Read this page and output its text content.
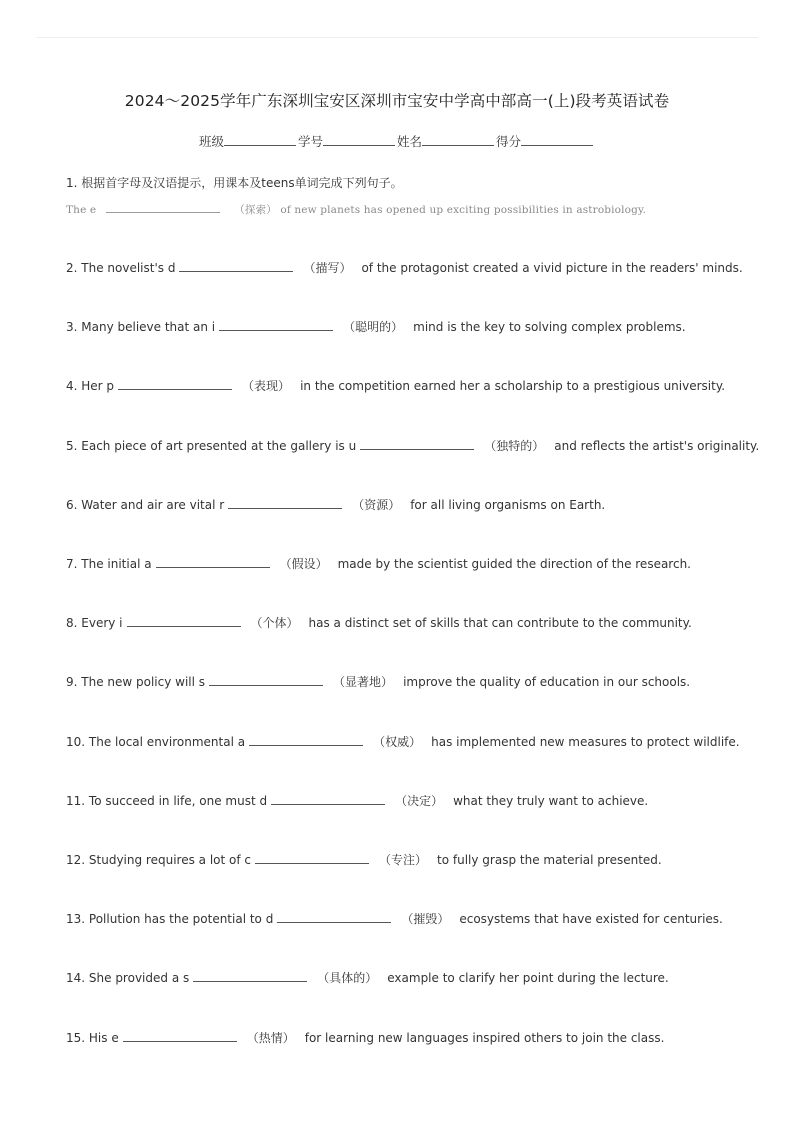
2024～2025学年广东深圳宝安区深圳市宝安中学高中部高一(上)段考英语试卷
班级	学号	姓名	得分
1. 根据首字母及汉语提示，用课本及teens单词完成下列句子。
The e	（探索） of new planets has opened up exciting possibilities in astrobiology.
2. The novelist's d	（描写） of the protagonist created a vivid picture in the readers' minds.
3. Many believe that an i	（聪明的） mind is the key to solving complex problems.
4. Her p	（表现） in the competition earned her a scholarship to a prestigious university.
5. Each piece of art presented at the gallery is u	（独特的） and reflects the artist's originality.
6. Water and air are vital r	（资源） for all living organisms on Earth.
7. The initial a	（假设） made by the scientist guided the direction of the research.
8. Every i	（个体） has a distinct set of skills that can contribute to the community.
9. The new policy will s	（显著地） improve the quality of education in our schools.
10. The local environmental a	（权威） has implemented new measures to protect wildlife.
11. To succeed in life, one must d	（决定） what they truly want to achieve.
12. Studying requires a lot of c	（专注） to fully grasp the material presented.
13. Pollution has the potential to d	（摧毁） ecosystems that have existed for centuries.
14. She provided a s	（具体的） example to clarify her point during the lecture.
15. His e	（热情） for learning new languages inspired others to join the class.
